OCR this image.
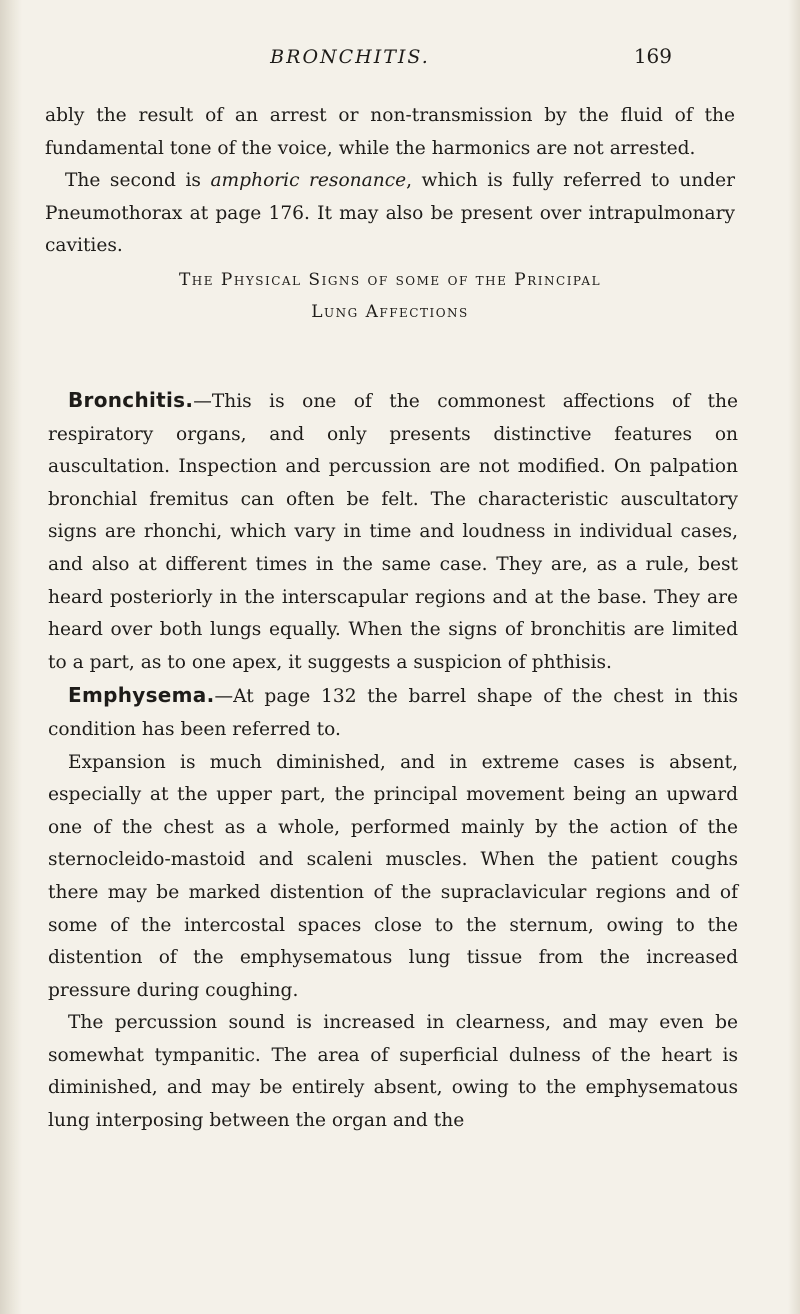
BRONCHITIS.	169

ably the result of an arrest or non-transmission by the fluid of the fundamental tone of the voice, while the harmonics are not arrested.

The second is amphoric resonance, which is fully referred to under Pneumothorax at page 176. It may also be present over intrapulmonary cavities.

The Physical Signs of some of the Principal
Lung Affections

Bronchitis.—This is one of the commonest affections of the respiratory organs, and only presents distinctive features on auscultation. Inspection and percussion are not modified. On palpation bronchial fremitus can often be felt. The characteristic auscultatory signs are rhonchi, which vary in time and loudness in individual cases, and also at different times in the same case. They are, as a rule, best heard posteriorly in the interscapular regions and at the base. They are heard over both lungs equally. When the signs of bronchitis are limited to a part, as to one apex, it suggests a suspicion of phthisis.

Emphysema.—At page 132 the barrel shape of the chest in this condition has been referred to.

Expansion is much diminished, and in extreme cases is absent, especially at the upper part, the principal movement being an upward one of the chest as a whole, performed mainly by the action of the sternocleido-mastoid and scaleni muscles. When the patient coughs there may be marked distention of the supraclavicular regions and of some of the intercostal spaces close to the sternum, owing to the distention of the emphysematous lung tissue from the increased pressure during coughing.

The percussion sound is increased in clearness, and may even be somewhat tympanitic. The area of superficial dulness of the heart is diminished, and may be entirely absent, owing to the emphysematous lung interposing between the organ and the
